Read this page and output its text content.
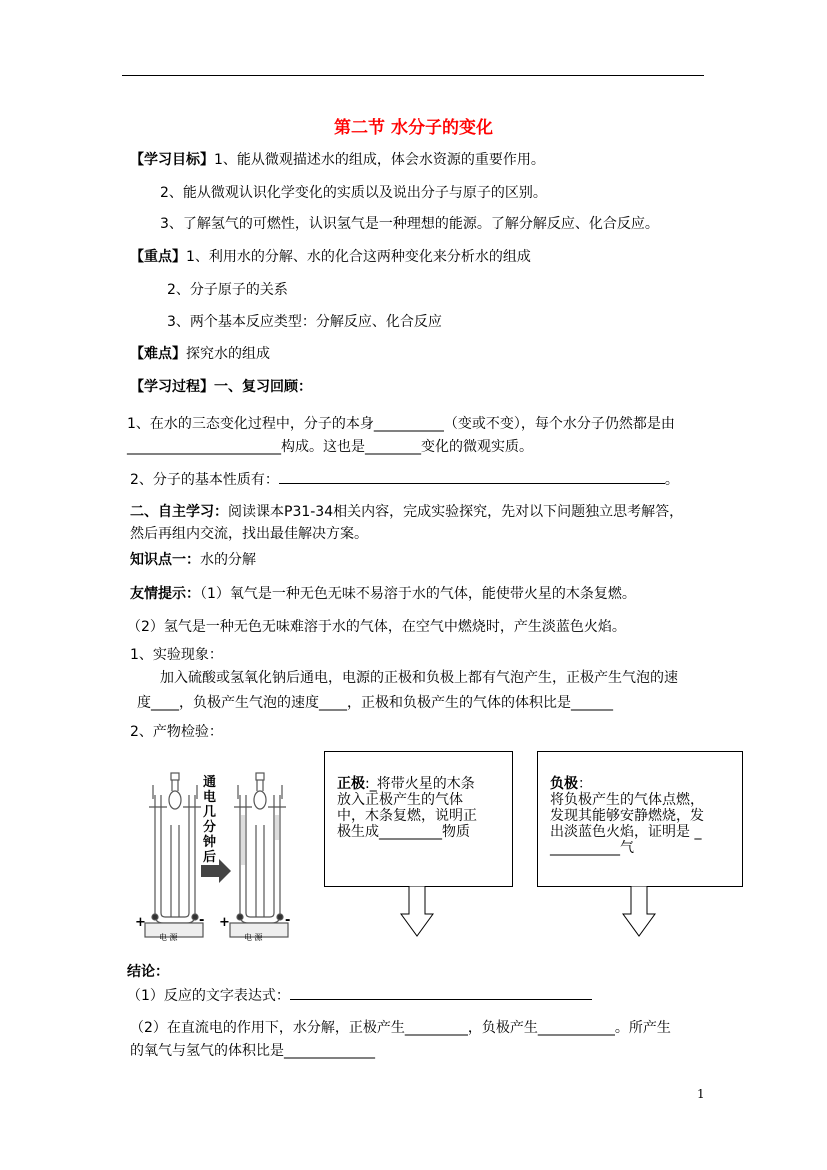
第二节 水分子的变化
【学习目标】1、能从微观描述水的组成，体会水资源的重要作用。
2、能从微观认识化学变化的实质以及说出分子与原子的区别。
3、了解氢气的可燃性，认识氢气是一种理想的能源。了解分解反应、化合反应。
【重点】1、利用水的分解、水的化合这两种变化来分析水的组成
2、分子原子的关系
3、两个基本反应类型：分解反应、化合反应
【难点】探究水的组成
【学习过程】一、复习回顾：
1、在水的三态变化过程中，分子的本身__________（变或不变），每个水分子仍然都是由
______________________构成。这也是________变化的微观实质。
2、分子的基本性质有：	。
二、自主学习：阅读课本P31-34相关内容，完成实验探究，先对以下问题独立思考解答，
然后再组内交流，找出最佳解决方案。
知识点一：水的分解
友情提示：（1）氧气是一种无色无味不易溶于水的气体，能使带火星的木条复燃。
（2）氢气是一种无色无味难溶于水的气体，在空气中燃烧时，产生淡蓝色火焰。
1、实验现象：
加入硫酸或氢氧化钠后通电，电源的正极和负极上都有气泡产生，正极产生气泡的速
度____，负极产生气泡的速度____，正极和负极产生的气体的体积比是______
2、产物检验：
通电几分钟后
+	- +	-
电 源	电 源
正极:_将带火星的木条
放入正极产生的气体
中，木条复燃，说明正
极生成_________物质
负极：
将负极产生的气体点燃，
发现其能够安静燃烧，发
出淡蓝色火焰，证明是 _
__________气
结论：
（1）反应的文字表达式：
（2）在直流电的作用下，水分解，正极产生_________，负极产生___________。所产生
的氧气与氢气的体积比是_____________
1
